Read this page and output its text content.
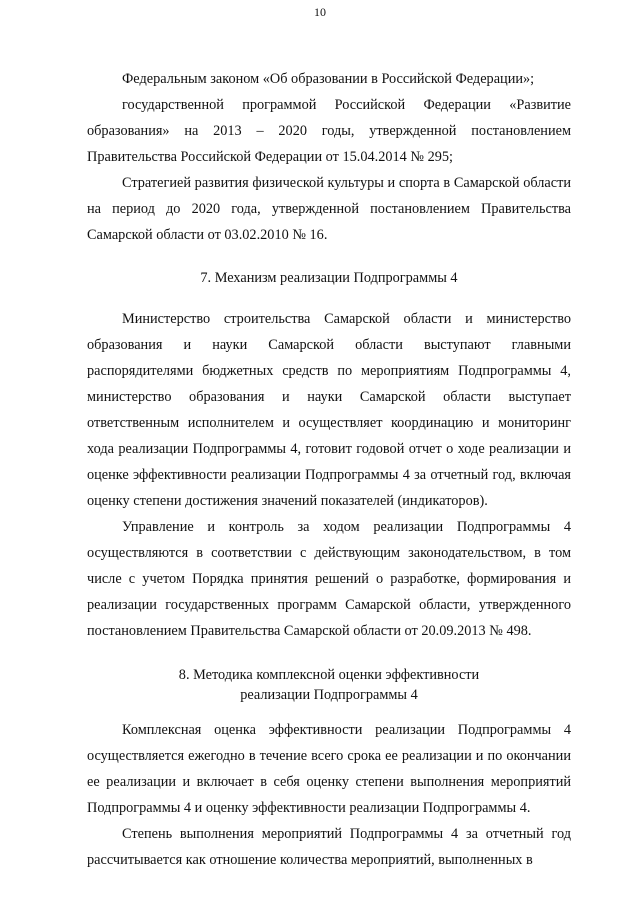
10

Федеральным законом «Об образовании в Российской Федерации»;

государственной программой Российской Федерации «Развитие образования» на 2013 – 2020 годы, утвержденной постановлением Правительства Российской Федерации от 15.04.2014 № 295;

Стратегией развития физической культуры и спорта в Самарской области на период до 2020 года, утвержденной постановлением Правительства Самарской области от 03.02.2010 № 16.

7. Механизм реализации Подпрограммы 4

Министерство строительства Самарской области и министерство образования и науки Самарской области выступают главными распорядителями бюджетных средств по мероприятиям Подпрограммы 4, министерство образования и науки Самарской области выступает ответственным исполнителем и осуществляет координацию и мониторинг хода реализации Подпрограммы 4, готовит годовой отчет о ходе реализации и оценке эффективности реализации Подпрограммы 4 за отчетный год, включая оценку степени достижения значений показателей (индикаторов).

Управление и контроль за ходом реализации Подпрограммы 4 осуществляются в соответствии с действующим законодательством, в том числе с учетом Порядка принятия решений о разработке, формирования и реализации государственных программ Самарской области, утвержденного постановлением Правительства Самарской области от 20.09.2013 № 498.

8. Методика комплексной оценки эффективности
реализации Подпрограммы 4

Комплексная оценка эффективности реализации Подпрограммы 4 осуществляется ежегодно в течение всего срока ее реализации и по окончании ее реализации и включает в себя оценку степени выполнения мероприятий Подпрограммы 4 и оценку эффективности реализации Подпрограммы 4.

Степень выполнения мероприятий Подпрограммы 4 за отчетный год рассчитывается как отношение количества мероприятий, выполненных в
